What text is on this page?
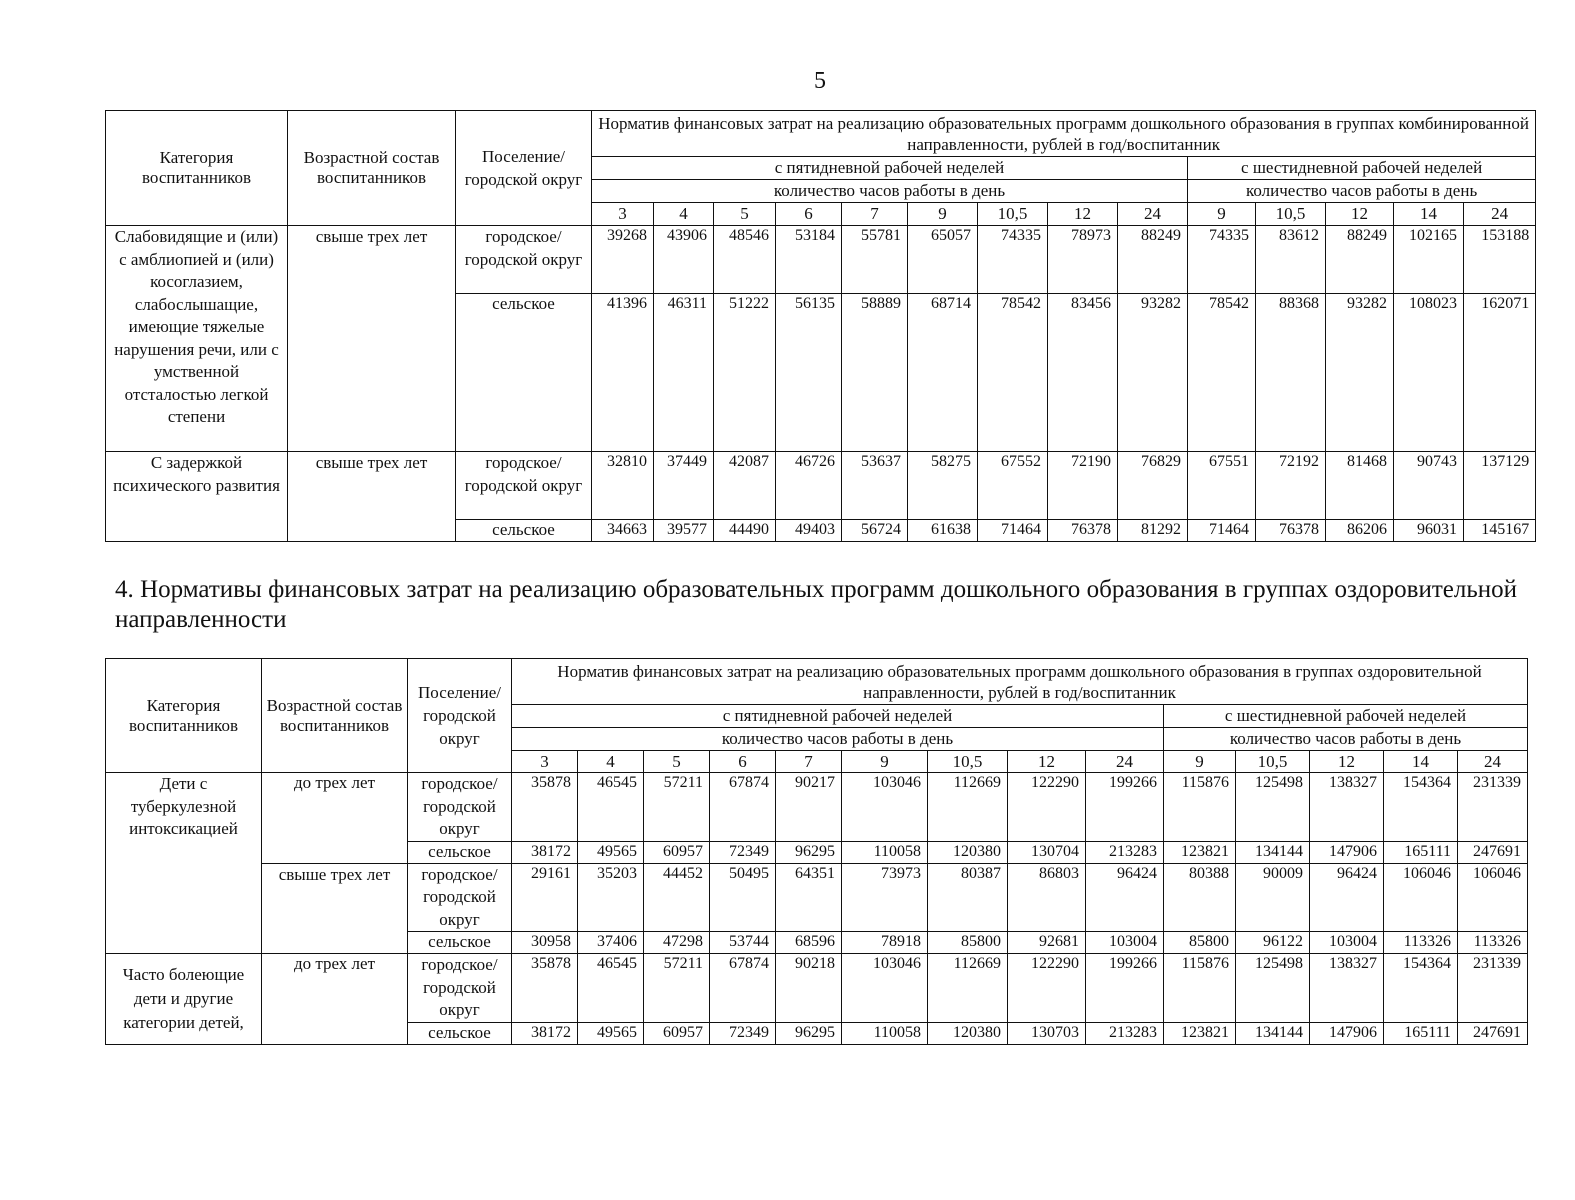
5
Категория воспитанников	Возрастной состав воспитанников	Поселение/ городской округ	Норматив финансовых затрат на реализацию образовательных программ дошкольного образования в группах комбинированной направленности, рублей в год/воспитанник													
			с пятидневной рабочей неделей									с шестидневной рабочей неделей				
			количество часов работы в день									количество часов работы в день				
			3	4	5	6	7	9	10,5	12	24	9	10,5	12	14	24
Слабовидящие и (или) с амблиопией и (или) косоглазием, слабослышащие, имеющие тяжелые нарушения речи, или с умственной отсталостью легкой степени	свыше трех лет	городское/ городской округ	39268	43906	48546	53184	55781	65057	74335	78973	88249	74335	83612	88249	102165	153188
		сельское	41396	46311	51222	56135	58889	68714	78542	83456	93282	78542	88368	93282	108023	162071
С задержкой психического развития	свыше трех лет	городское/ городской округ	32810	37449	42087	46726	53637	58275	67552	72190	76829	67551	72192	81468	90743	137129
		сельское	34663	39577	44490	49403	56724	61638	71464	76378	81292	71464	76378	86206	96031	145167
4. Нормативы финансовых затрат на реализацию образовательных программ дошкольного образования в группах оздоровительной направленности
Категория воспитанников	Возрастной состав воспитанников	Поселение/ городской округ	Норматив финансовых затрат на реализацию образовательных программ дошкольного образования в группах оздоровительной направленности, рублей в год/воспитанник													
			с пятидневной рабочей неделей									с шестидневной рабочей неделей				
			количество часов работы в день									количество часов работы в день				
			3	4	5	6	7	9	10,5	12	24	9	10,5	12	14	24
Дети с туберкулезной интоксикацией	до трех лет	городское/ городской округ	35878	46545	57211	67874	90217	103046	112669	122290	199266	115876	125498	138327	154364	231339
		сельское	38172	49565	60957	72349	96295	110058	120380	130704	213283	123821	134144	147906	165111	247691
	свыше трех лет	городское/ городской округ	29161	35203	44452	50495	64351	73973	80387	86803	96424	80388	90009	96424	106046	106046
		сельское	30958	37406	47298	53744	68596	78918	85800	92681	103004	85800	96122	103004	113326	113326
Часто болеющие дети и другие категории детей,	до трех лет	городское/ городской округ	35878	46545	57211	67874	90218	103046	112669	122290	199266	115876	125498	138327	154364	231339
		сельское	38172	49565	60957	72349	96295	110058	120380	130703	213283	123821	134144	147906	165111	247691
